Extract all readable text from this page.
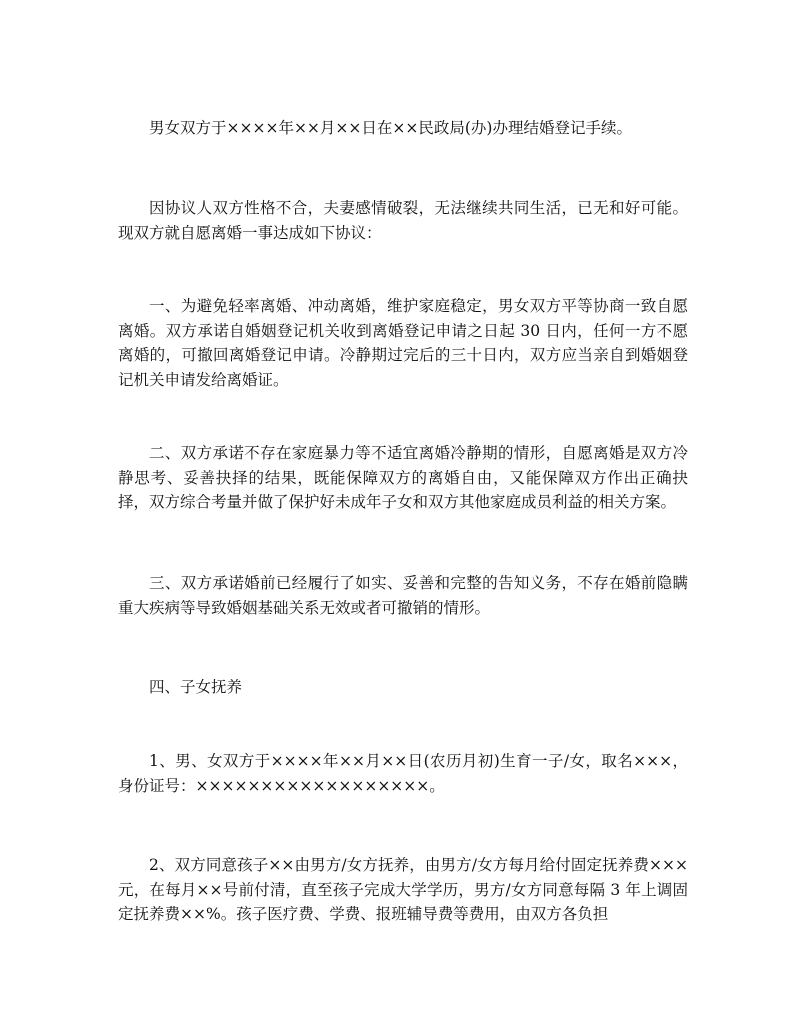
男女双方于××××年××月××日在××民政局(办)办理结婚登记手续。

因协议人双方性格不合，夫妻感情破裂，无法继续共同生活，已无和好可能。现双方就自愿离婚一事达成如下协议：

一、为避免轻率离婚、冲动离婚，维护家庭稳定，男女双方平等协商一致自愿离婚。双方承诺自婚姻登记机关收到离婚登记申请之日起 30 日内，任何一方不愿离婚的，可撤回离婚登记申请。冷静期过完后的三十日内，双方应当亲自到婚姻登记机关申请发给离婚证。

二、双方承诺不存在家庭暴力等不适宜离婚冷静期的情形，自愿离婚是双方冷静思考、妥善抉择的结果，既能保障双方的离婚自由，又能保障双方作出正确抉择，双方综合考量并做了保护好未成年子女和双方其他家庭成员利益的相关方案。

三、双方承诺婚前已经履行了如实、妥善和完整的告知义务，不存在婚前隐瞒重大疾病等导致婚姻基础关系无效或者可撤销的情形。

四、子女抚养

1、男、女双方于××××年××月××日(农历月初)生育一子/女，取名×××，身份证号：××××××××××××××××××。

2、双方同意孩子××由男方/女方抚养，由男方/女方每月给付固定抚养费×××元，在每月××号前付清，直至孩子完成大学学历，男方/女方同意每隔 3 年上调固定抚养费××%。孩子医疗费、学费、报班辅导费等费用，由双方各负担
